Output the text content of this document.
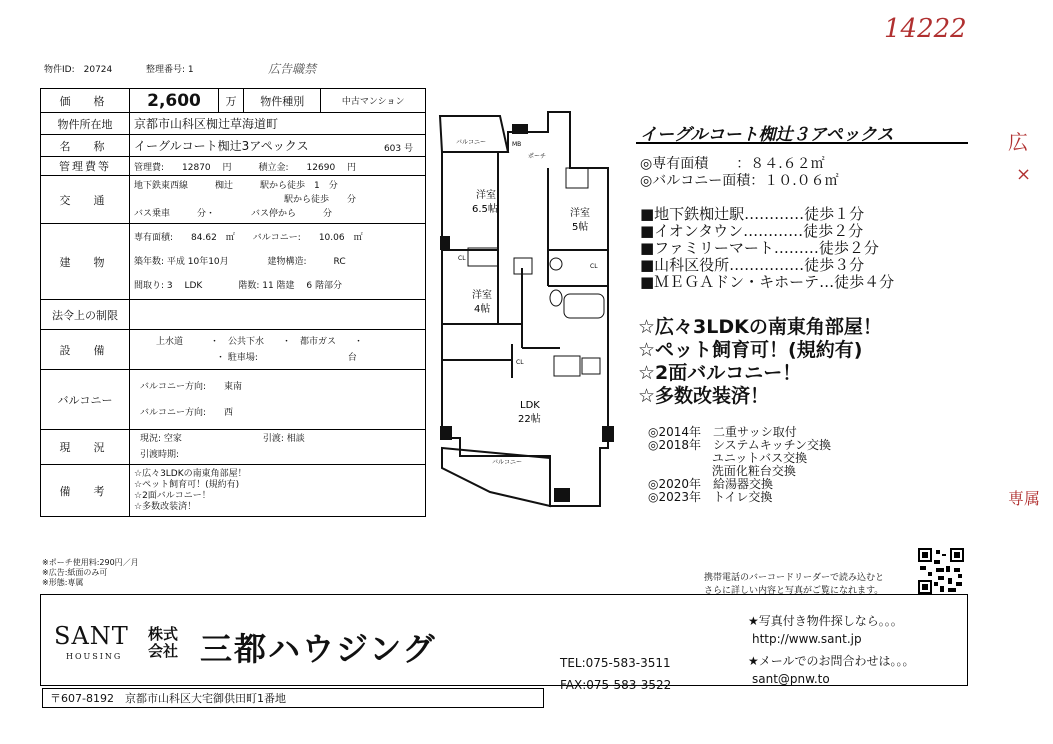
14222
広
×
専属
物件ID:　20724	整理番号: 1	広告職禁
価　格	2,600	万	物件種別	中古マンション
物件所在地	京都市山科区椥辻草海道町			
名　称	イーグルコート椥辻3アペックス 603 号			

管理費等	管理費:　　12870　 円　　　積立金:　　12690　 円			
交　通	地下鉄東西線　　　椥辻　　　駅から徒歩　1　分
駅から徒歩　　分
バス乗車　　　分・　　　　バス停から　　　分			

建　物	専有面積:　　84.62　㎡　　バルコニー:　　10.06　㎡
築年数: 平成 10年10月　　　　 建物構造:　　　RC
間取り: 3　 LDK　　　　階数: 11 階建　 6 階部分			

法令上の制限				
設　備	上水道　　　・　公共下水　　・　都市ガス　　・
・ 駐車場:　　　　　　　　　　台			

バルコニー	バルコニー方向:　　東南
バルコニー方向:　　西			

現　況	現況: 空家　　　　　　　　　引渡: 相談
引渡時期:			

備　考	☆広々3LDKの南東角部屋！
☆ペット飼育可！(規約有)
☆2面バルコニー！
☆多数改装済！			
※ポーチ使用料:290円／月
※広告:紙面のみ可
※形態:専属
バルコニー	MB
ポーチ
洋室
6.5帖	洋室
5帖
洋室
4帖
LDK
22帖
CL
CL
CL
バルコニー
イーグルコート椥辻３アペックス
◎専有面積　　：８４.６２㎡
◎バルコニー面積：１０.０６㎡
■地下鉄椥辻駅…………徒歩１分
■イオンタウン…………徒歩２分
■ファミリーマート………徒歩２分
■山科区役所……………徒歩３分
■ＭＥＧＡドン・キホーテ…徒歩４分
☆広々3LDKの南東角部屋！
☆ペット飼育可！(規約有)
☆2面バルコニー！
☆多数改装済！
◎2014年　二重サッシ取付
◎2018年　システムキッチン交換
　　　　　 ユニットバス交換
　　　　　 洗面化粧台交換
◎2020年　給湯器交換
◎2023年　トイレ交換
携帯電話のバーコードリーダーで読み込むと
さらに詳しい内容と写真がご覧になれます。
SANT
HOUSING
株式
会社 三都ハウジング	TEL:075-583-3511
FAX:075-583-3522
★写真付き物件探しなら。。。
http://www.sant.jp
★メールでのお問合わせは。。。
sant@pnw.to
〒607-8192　京都市山科区大宅御供田町1番地
